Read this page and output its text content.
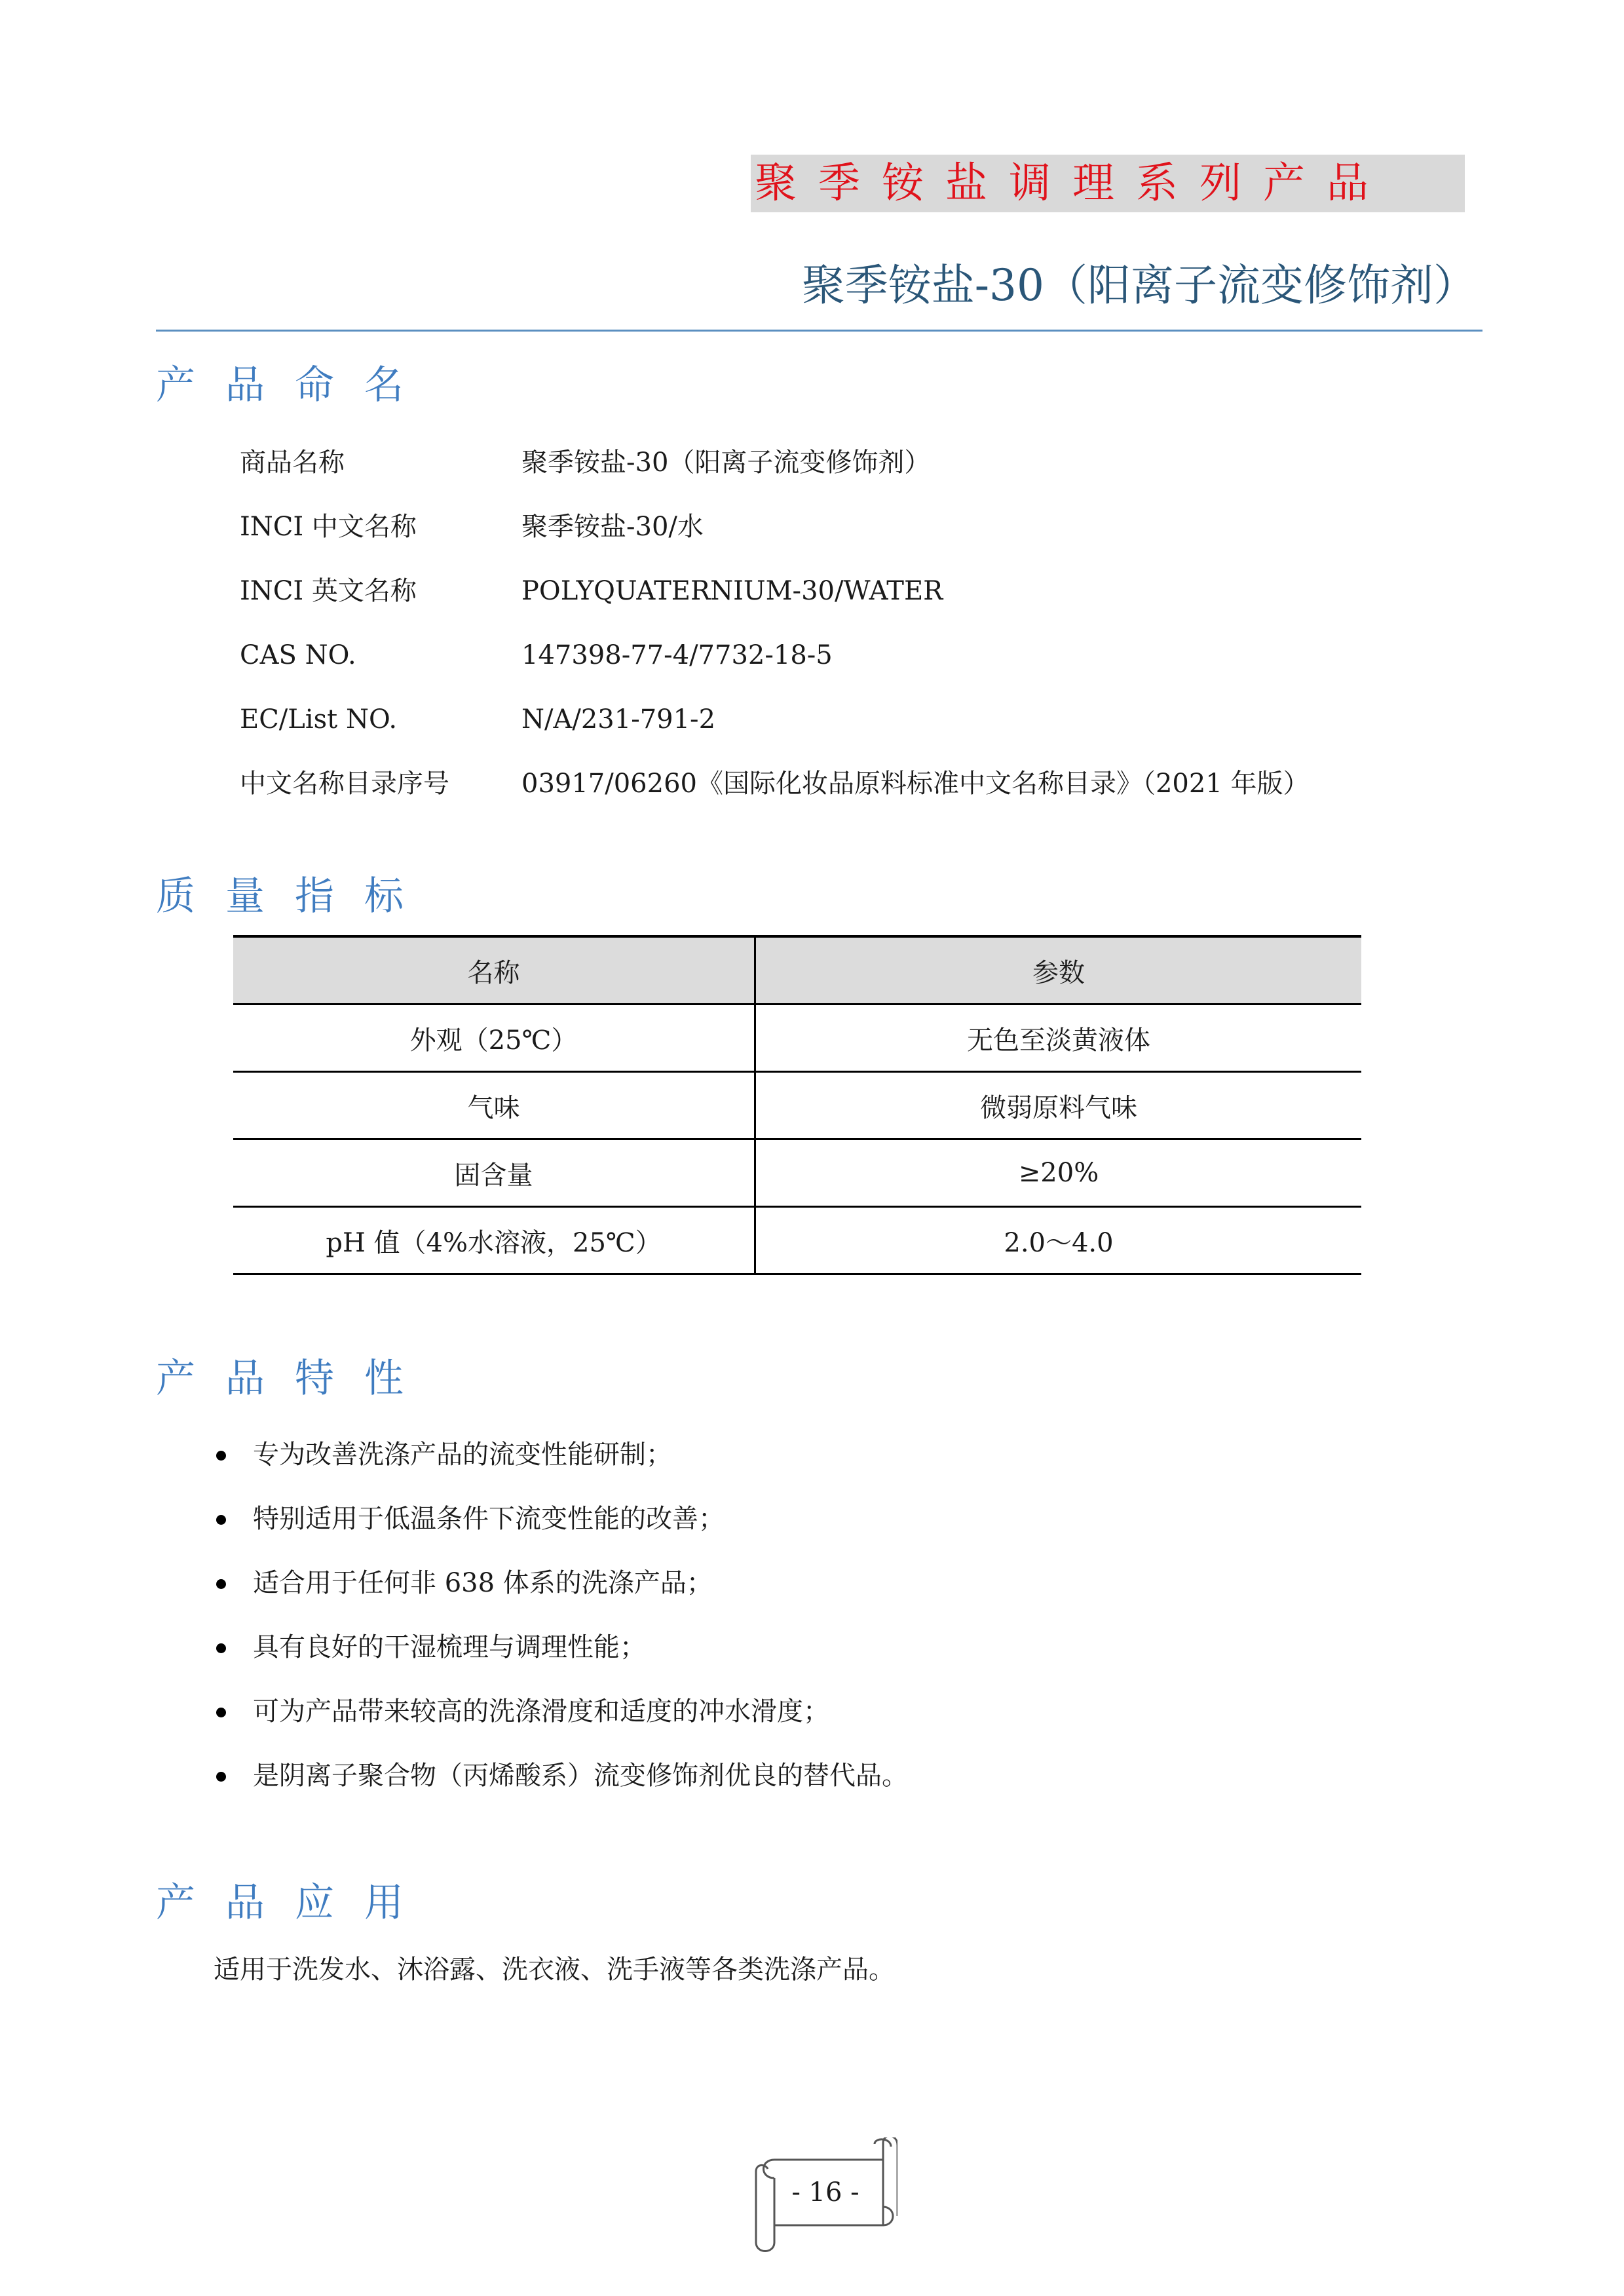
聚季铵盐调理系列产品
聚季铵盐-30（阳离子流变修饰剂）
产品命名
商品名称	聚季铵盐-30（阳离子流变修饰剂）
INCI 中文名称	聚季铵盐-30/水
INCI 英文名称	POLYQUATERNIUM-30/WATER
CAS NO.	147398-77-4/7732-18-5
EC/List NO.	N/A/231-791-2
中文名称目录序号	03917/06260《国际化妆品原料标准中文名称目录》（2021 年版）
质量指标
名称	参数
外观（25℃）	无色至淡黄液体
气味	微弱原料气味
固含量	≥20%
pH 值（4%水溶液，25℃）	2.0～4.0
产品特性
专为改善洗涤产品的流变性能研制；
特别适用于低温条件下流变性能的改善；
适合用于任何非 638 体系的洗涤产品；
具有良好的干湿梳理与调理性能；
可为产品带来较高的洗涤滑度和适度的冲水滑度；
是阴离子聚合物（丙烯酸系）流变修饰剂优良的替代品。
产品应用
适用于洗发水、沐浴露、洗衣液、洗手液等各类洗涤产品。
- 16 -
